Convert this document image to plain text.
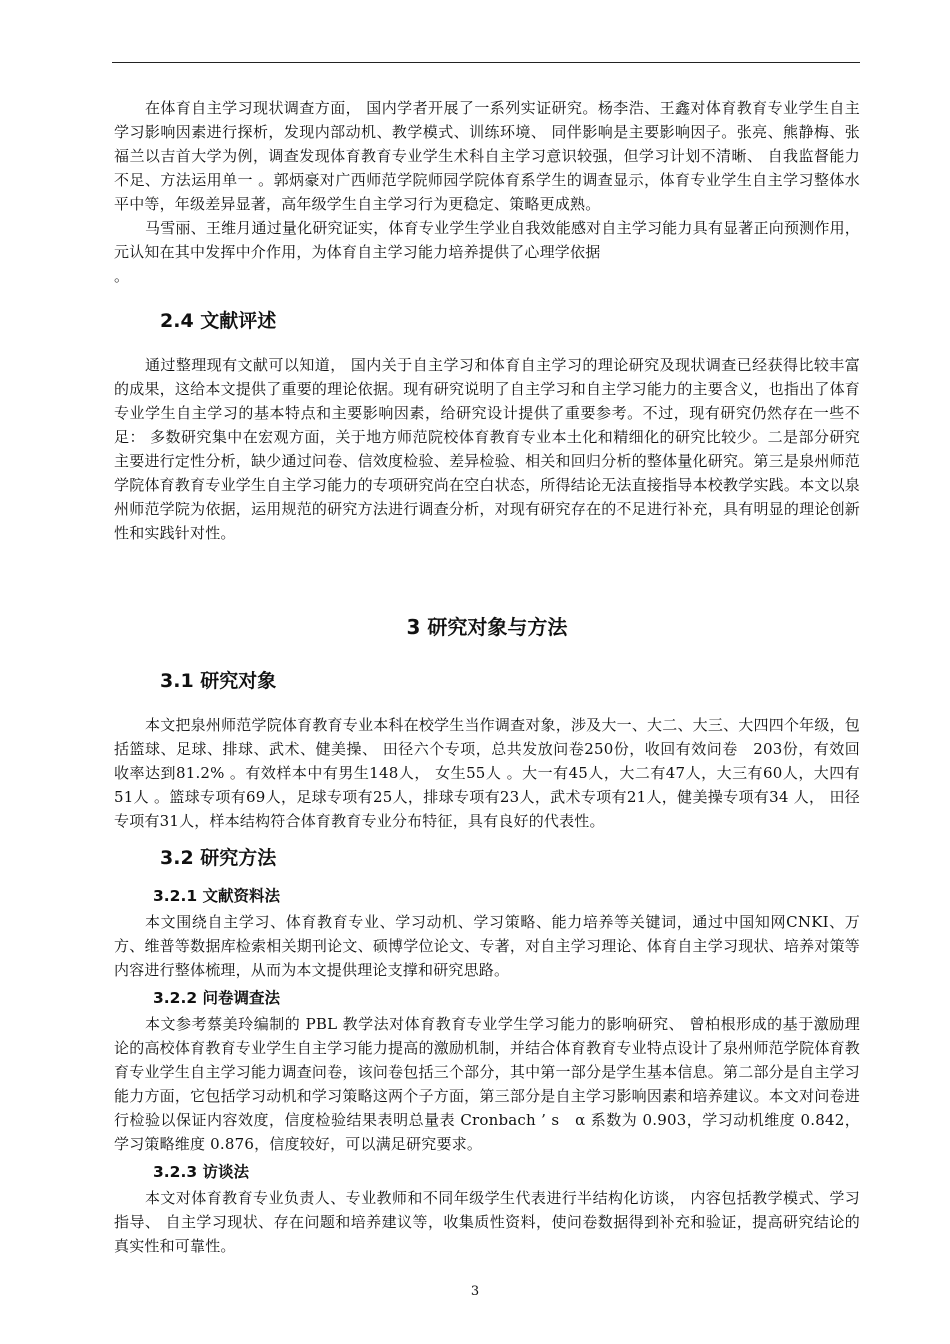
在体育自主学习现状调查方面， 国内学者开展了一系列实证研究。杨李浩、王鑫对体育教育专业学生自主学习影响因素进行探析，发现内部动机、教学模式、训练环境、 同伴影响是主要影响因子。张亮、熊静梅、张福兰以吉首大学为例，调查发现体育教育专业学生术科自主学习意识较强，但学习计划不清晰、 自我监督能力不足、方法运用单一 。郭炳豪对广西师范学院师园学院体育系学生的调查显示，体育专业学生自主学习整体水平中等，年级差异显著，高年级学生自主学习行为更稳定、策略更成熟。

马雪丽、王维月通过量化研究证实，体育专业学生学业自我效能感对自主学习能力具有显著正向预测作用，元认知在其中发挥中介作用，为体育自主学习能力培养提供了心理学依据

。

2.4 文献评述

通过整理现有文献可以知道， 国内关于自主学习和体育自主学习的理论研究及现状调查已经获得比较丰富的成果，这给本文提供了重要的理论依据。现有研究说明了自主学习和自主学习能力的主要含义，也指出了体育专业学生自主学习的基本特点和主要影响因素，给研究设计提供了重要参考。不过，现有研究仍然存在一些不足： 多数研究集中在宏观方面，关于地方师范院校体育教育专业本土化和精细化的研究比较少。二是部分研究主要进行定性分析，缺少通过问卷、信效度检验、差异检验、相关和回归分析的整体量化研究。第三是泉州师范学院体育教育专业学生自主学习能力的专项研究尚在空白状态，所得结论无法直接指导本校教学实践。本文以泉州师范学院为依据，运用规范的研究方法进行调查分析，对现有研究存在的不足进行补充，具有明显的理论创新性和实践针对性。

3 研究对象与方法
3.1 研究对象

本文把泉州师范学院体育教育专业本科在校学生当作调查对象，涉及大一、大二、大三、大四四个年级，包括篮球、足球、排球、武术、健美操、 田径六个专项，总共发放问卷250份，收回有效问卷　203份，有效回收率达到81.2% 。有效样本中有男生148人， 女生55人 。大一有45人，大二有47人，大三有60人，大四有51人 。篮球专项有69人，足球专项有25人，排球专项有23人，武术专项有21人，健美操专项有34 人， 田径专项有31人，样本结构符合体育教育专业分布特征，具有良好的代表性。

3.2 研究方法
3.2.1 文献资料法

本文围绕自主学习、体育教育专业、学习动机、学习策略、能力培养等关键词，通过中国知网CNKI、万方、维普等数据库检索相关期刊论文、硕博学位论文、专著，对自主学习理论、体育自主学习现状、培养对策等内容进行整体梳理，从而为本文提供理论支撑和研究思路。

3.2.2 问卷调查法

本文参考蔡美玲编制的 PBL 教学法对体育教育专业学生学习能力的影响研究、 曾柏根形成的基于激励理论的高校体育教育专业学生自主学习能力提高的激励机制，并结合体育教育专业特点设计了泉州师范学院体育教育专业学生自主学习能力调查问卷，该问卷包括三个部分，其中第一部分是学生基本信息。第二部分是自主学习能力方面，它包括学习动机和学习策略这两个子方面，第三部分是自主学习影响因素和培养建议。本文对问卷进行检验以保证内容效度，信度检验结果表明总量表 Cronbach ’ s　α 系数为 0.903，学习动机维度 0.842，学习策略维度 0.876，信度较好，可以满足研究要求。

3.2.3 访谈法

本文对体育教育专业负责人、专业教师和不同年级学生代表进行半结构化访谈， 内容包括教学模式、学习指导、 自主学习现状、存在问题和培养建议等，收集质性资料，使问卷数据得到补充和验证，提高研究结论的真实性和可靠性。

3
